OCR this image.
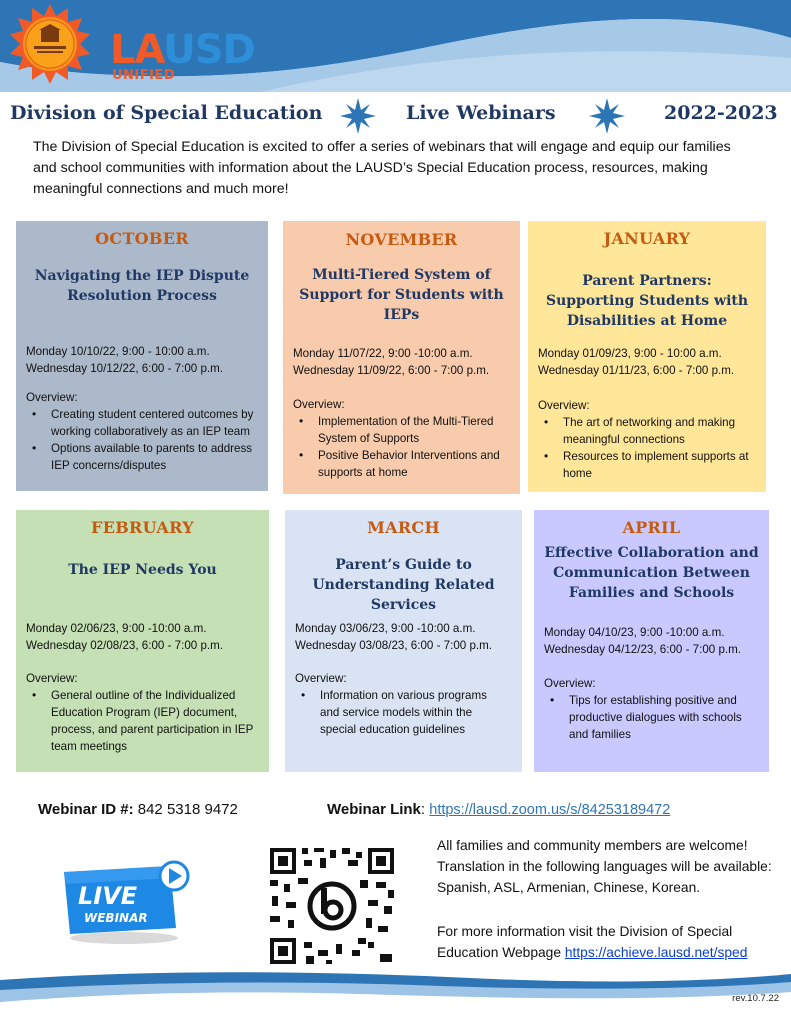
LAUSD
UNIFIED
Division of Special Education	Live Webinars	2022-2023
The Division of Special Education is excited to offer a series of webinars that will engage and equip our families and school communities with information about the LAUSD’s Special Education process, resources, making meaningful connections and much more!
OCTOBER
Navigating the IEP Dispute Resolution Process
Monday 10/10/22, 9:00 - 10:00 a.m.
Wednesday 10/12/22, 6:00 - 7:00 p.m.
Overview:
• Creating student centered outcomes by working collaboratively as an IEP team
• Options available to parents to address IEP concerns/disputes
NOVEMBER
Multi-Tiered System of Support for Students with IEPs
Monday 11/07/22, 9:00 -10:00 a.m.
Wednesday 11/09/22, 6:00 - 7:00 p.m.
Overview:
• Implementation of the Multi-Tiered System of Supports
• Positive Behavior Interventions and supports at home
JANUARY
Parent Partners: Supporting Students with Disabilities at Home
Monday 01/09/23, 9:00 - 10:00 a.m.
Wednesday 01/11/23, 6:00 - 7:00 p.m.
Overview:
• The art of networking and making meaningful connections
• Resources to implement supports at home
FEBRUARY
The IEP Needs You
Monday 02/06/23, 9:00 -10:00 a.m.
Wednesday 02/08/23, 6:00 - 7:00 p.m.
Overview:
• General outline of the Individualized Education Program (IEP) document, process, and parent participation in IEP team meetings
MARCH
Parent’s Guide to Understanding Related Services
Monday 03/06/23, 9:00 -10:00 a.m.
Wednesday 03/08/23, 6:00 - 7:00 p.m.
Overview:
• Information on various programs and service models within the special education guidelines
APRIL
Effective Collaboration and Communication Between Families and Schools
Monday 04/10/23, 9:00 -10:00 a.m.
Wednesday 04/12/23, 6:00 - 7:00 p.m.
Overview:
• Tips for establishing positive and productive dialogues with schools and families
Webinar ID #: 842 5318 9472	Webinar Link: https://lausd.zoom.us/s/84253189472
LIVE
WEBINAR
All families and community members are welcome! Translation in the following languages will be available: Spanish, ASL, Armenian, Chinese, Korean.
For more information visit the Division of Special Education Webpage https://achieve.lausd.net/sped
rev.10.7.22
